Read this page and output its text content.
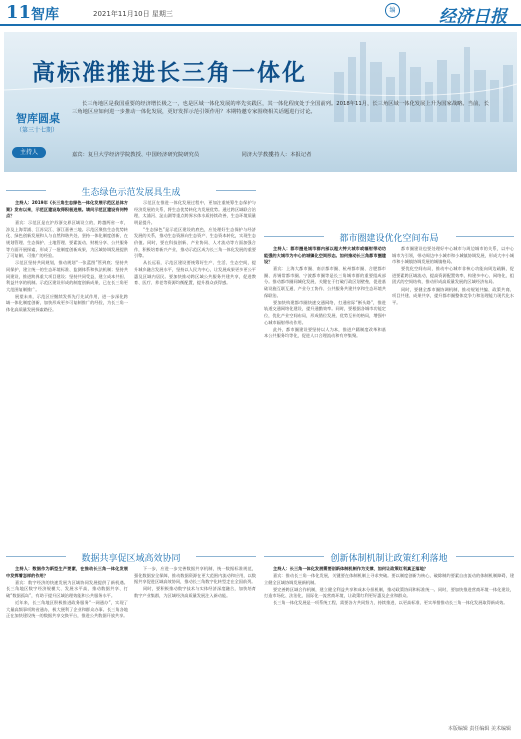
11 智库	2021年11月10日 星期三	编	经济日报
高标准推进长三角一体化
智库圆桌
（第三十七期）
长三角地区是我国重要的经济增长极之一，也是区域一体化发展的率先实践区，其一体化程度处于全国前列。2018年11月，长三角区域一体化发展上升为国家战略。当前，长三角地区应如何进一步推动一体化发展，更好发挥示范引领作用？本期特邀专家围绕相关话题进行讨论。
主持人	嘉宾：复旦大学经济学院教授、中国经济研究院研究员　　　　　　　　同济大学教授
主持人：本报记者
生态绿色示范发展具生成
都市圈建设优化空间布局
数据共享促区域高效协同	创新体制机制让政策红利落地

主持人：2019年《长三角生态绿色一体化发展示范区总体方案》发布以来，示范区建设取得积极进展。请问示范区建设有何特点？

嘉宾：示范区是在沪苏浙交界区域设立的，跨越两省一市，涉及上海青浦、江苏吴江、浙江嘉善三地。示范区聚焦生态优势转化、绿色创新发展和人与自然和谐共处，坚持一体化制度创新，在规划管理、生态保护、土地管理、要素流动、财税分享、公共服务等方面开展探索，形成了一批制度创新成果，为区域协调发展提供了可复制、可推广的经验。

示范区坚持共同规划，推动规划“一张蓝图”管到底；坚持共同保护，建立统一的生态环境标准、监测体系和执法机制；坚持共同建设，推进跨界重大项目建设；坚持共同受益，建立成本共担、利益共享的机制。示范区建设形成的制度创新成果，已在长三角更大范围复制推广。

展望未来，示范区应继续发挥先行先试作用，进一步深化跨域一体化制度创新，加快形成更多可复制推广的经验，为长三角一体化高质量发展探索路径。

示范区在推进一体化发展过程中，更加注重统筹生态保护与经济发展的关系，将生态优势转化为发展优势。通过跨区域联合治理，太浦河、淀山湖等重点跨界水体水质持续改善，生态环境质量明显提升。

“生态绿色”是示范区建设的底色，应处理好生态保护与经济发展的关系，推动生态资源向生态资产、生态资本转化，实现生态价值。同时，要在科技创新、产业协同、人才流动等方面加强合作，积极培育新兴产业，推动示范区成为长三角一体化发展的重要引擎。

从长远看，示范区建设要统筹好生产、生活、生态空间，提升城乡融合发展水平，坚持以人民为中心，让发展成果更多更公平惠及区域内居民。要加快推动跨区域公共服务共建共享，促进教育、医疗、养老等资源均衡配置，提升群众获得感。

主持人：都市圈是城市群内部以超大特大城市或辐射带动功能强的大城市为中心的城镇化空间形态。如何推动长三角都市圈建设？

嘉宾：上海大都市圈、南京都市圈、杭州都市圈、合肥都市圈、苏锡常都市圈、宁波都市圈等是长三角城市群的重要组成部分。推动都市圈同城化发展，关键在于打破行政区划壁垒，促进基础设施互联互通、产业分工协作、公共服务共建共享和生态环境共保联治。

要加快构建都市圈快速交通网络，打通省际“断头路”，推进轨道交通网络化建设，提升通勤效率。同时，要根据各城市功能定位，优化产业空间布局，形成错位发展、优势互补的格局，增强中心城市辐射带动作用。

此外，都市圈建设要坚持以人为本，推进户籍制度改革和基本公共服务均等化，促进人口合理流动和有序集聚。

都市圈建设也要处理好中心城市与周边城市的关系，以中心城市为引领，带动周边中小城市和小城镇协调发展，形成大中小城市和小城镇协调发展的城镇格局。

要优化空间布局，推动中心城市非核心功能向周边疏解，促进要素跨区域流动，提高资源配置效率，构建多中心、网络化、组团式的空间结构，推动形成高质量发展的区域经济布局。

同时，要健全都市圈协调机制，推动规划共编、政策共商、项目共建、成果共享，提升都市圈整体竞争力和治理能力现代化水平。

主持人：数据作为新型生产要素，在推动长三角一体化发展中发挥着怎样的作用？

嘉宾：数字经济的快速发展为区域协同发展提供了新机遇。长三角地区数字经济规模大、发展水平高，推动数据共享、打破“数据孤岛”，有助于提升区域治理效能和公共服务水平。

近年来，长三角地区积极推进政务服务“一网通办”，实现了大量高频事项跨省通办，极大便利了企业和群众办事。长三角各地正在加快建设统一的数据共享交换平台，推进公共数据开放共享。

下一步，应进一步完善数据共享机制，统一数据标准规范，强化数据安全保障，推动数据资源在更大范围内流动和应用，以数据共享促进区域高效协同，推动长三角数字化转型走在全国前列。

同时，要积极推动数字技术与实体经济深度融合，加快培育数字产业集群，为区域经济高质量发展注入新动能。

主持人：长三角一体化发展需要创新体制机制作为支撑，如何让政策红利真正落地？

嘉宾：推动长三角一体化发展，关键要在体制机制上寻求突破。要以制度创新为核心，破除制约要素自由流动的体制机制障碍，建立健全区域协调发展新机制。

要完善跨区域合作机制，建立健全利益共享和成本分担机制，推动政策协同和标准统一。同时，要加快推进营商环境一体化建设，打造市场化、法治化、国际化一流营商环境，让政策红利更好惠及企业和群众。

长三角一体化发展是一项系统工程，需要各方共同努力，持续推进，以更高标准、更实举措推动长三角一体化发展取得新成效。

本版编辑 责任编辑 美术编辑
